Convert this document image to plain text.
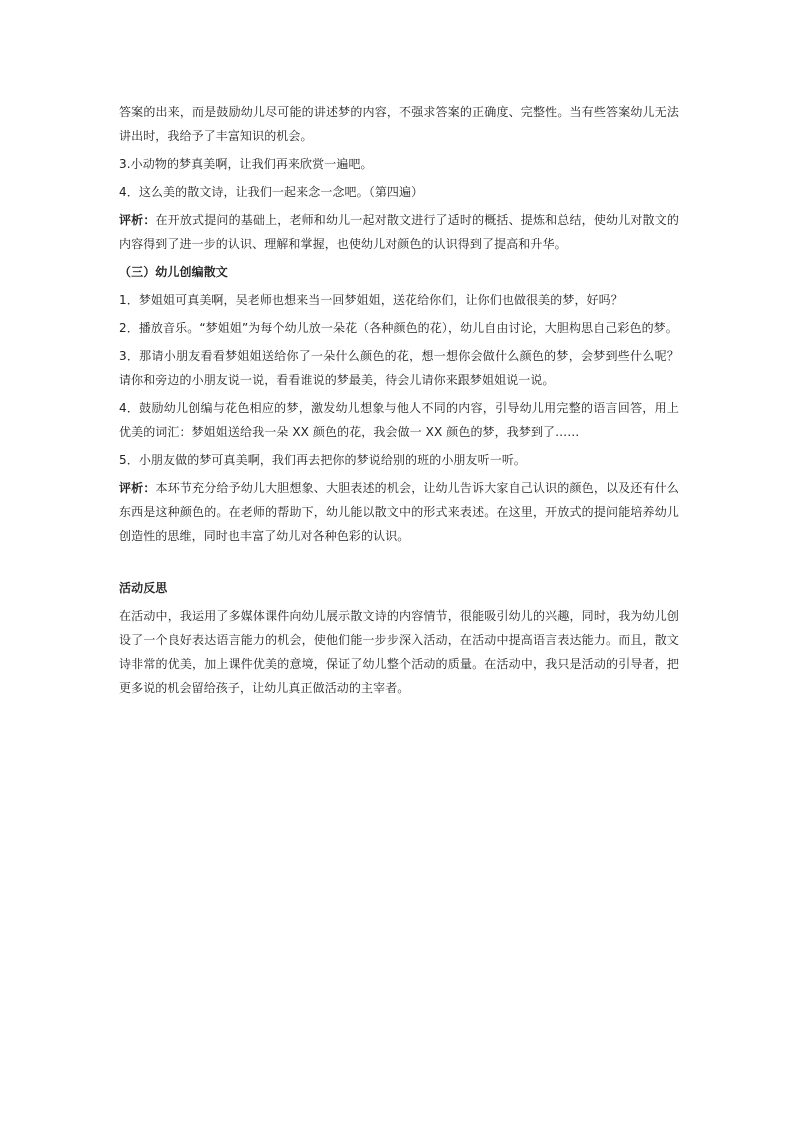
答案的出来，而是鼓励幼儿尽可能的讲述梦的内容，不强求答案的正确度、完整性。当有些答案幼儿无法讲出时，我给予了丰富知识的机会。

3.小动物的梦真美啊，让我们再来欣赏一遍吧。

4．这么美的散文诗，让我们一起来念一念吧。（第四遍）

评析：在开放式提问的基础上，老师和幼儿一起对散文进行了适时的概括、提炼和总结，使幼儿对散文的内容得到了进一步的认识、理解和掌握，也使幼儿对颜色的认识得到了提高和升华。

（三）幼儿创编散文

1．梦姐姐可真美啊，吴老师也想来当一回梦姐姐，送花给你们，让你们也做很美的梦，好吗？

2．播放音乐。“梦姐姐”为每个幼儿放一朵花（各种颜色的花），幼儿自由讨论，大胆构思自己彩色的梦。

3．那请小朋友看看梦姐姐送给你了一朵什么颜色的花，想一想你会做什么颜色的梦，会梦到些什么呢？请你和旁边的小朋友说一说，看看谁说的梦最美，待会儿请你来跟梦姐姐说一说。

4．鼓励幼儿创编与花色相应的梦，激发幼儿想象与他人不同的内容，引导幼儿用完整的语言回答，用上优美的词汇：梦姐姐送给我一朵 XX 颜色的花，我会做一 XX 颜色的梦，我梦到了……

5．小朋友做的梦可真美啊，我们再去把你的梦说给别的班的小朋友听一听。

评析：本环节充分给予幼儿大胆想象、大胆表述的机会，让幼儿告诉大家自己认识的颜色，以及还有什么东西是这种颜色的。在老师的帮助下，幼儿能以散文中的形式来表述。在这里，开放式的提问能培养幼儿创造性的思维，同时也丰富了幼儿对各种色彩的认识。

活动反思

在活动中，我运用了多媒体课件向幼儿展示散文诗的内容情节，很能吸引幼儿的兴趣，同时，我为幼儿创设了一个良好表达语言能力的机会，使他们能一步步深入活动，在活动中提高语言表达能力。而且，散文诗非常的优美，加上课件优美的意境，保证了幼儿整个活动的质量。在活动中，我只是活动的引导者，把更多说的机会留给孩子，让幼儿真正做活动的主宰者。
